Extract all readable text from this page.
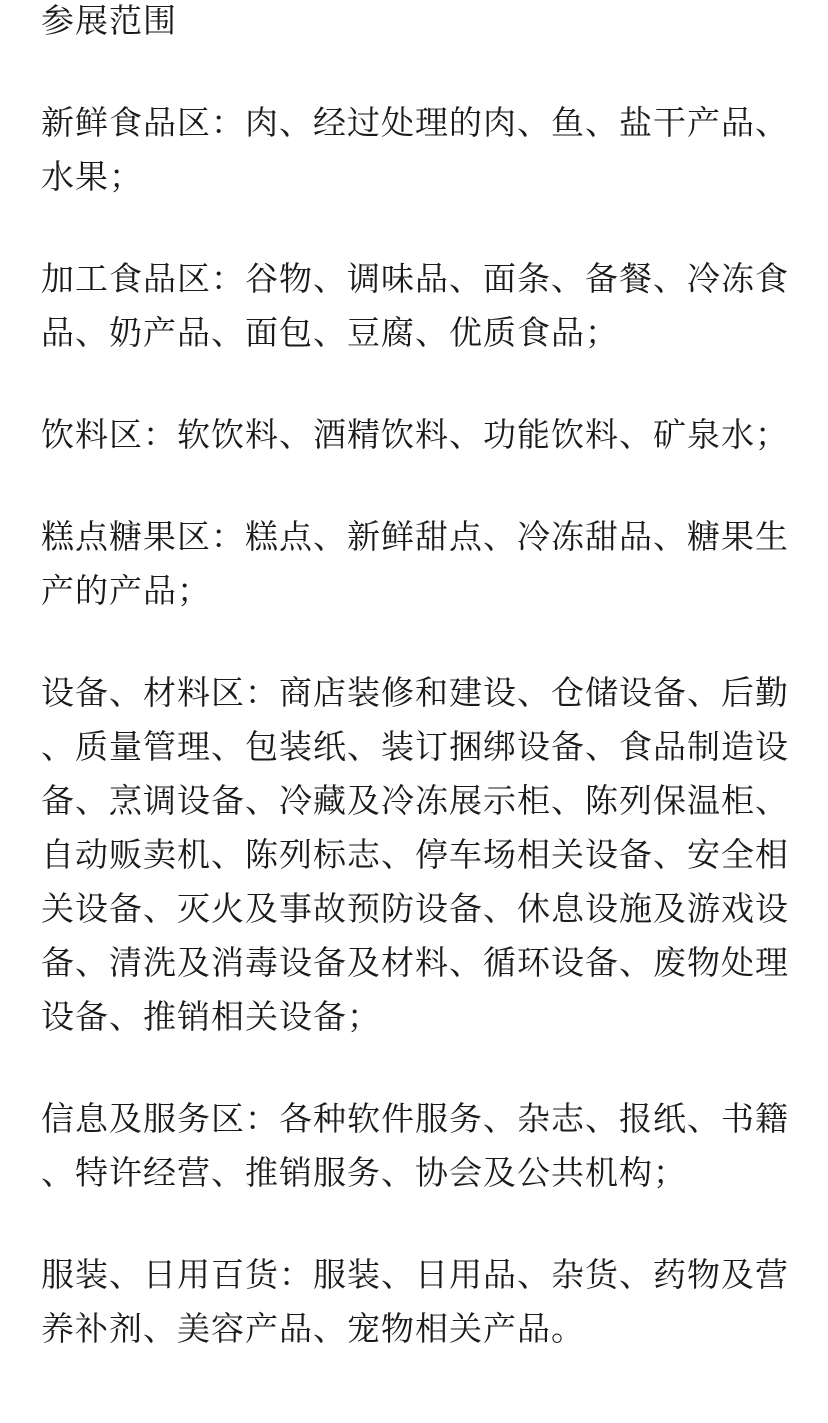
参展范围

新鲜食品区：肉、经过处理的肉、鱼、盐干产品、水果；

加工食品区：谷物、调味品、面条、备餐、冷冻食品、奶产品、面包、豆腐、优质食品；

饮料区：软饮料、酒精饮料、功能饮料、矿泉水；

糕点糖果区：糕点、新鲜甜点、冷冻甜品、糖果生产的产品；

设备、材料区：商店装修和建设、仓储设备、后勤、质量管理、包装纸、装订捆绑设备、食品制造设备、烹调设备、冷藏及冷冻展示柜、陈列保温柜、自动贩卖机、陈列标志、停车场相关设备、安全相关设备、灭火及事故预防设备、休息设施及游戏设备、清洗及消毒设备及材料、循环设备、废物处理设备、推销相关设备；

信息及服务区：各种软件服务、杂志、报纸、书籍、特许经营、推销服务、协会及公共机构；

服装、日用百货：服装、日用品、杂货、药物及营养补剂、美容产品、宠物相关产品。
